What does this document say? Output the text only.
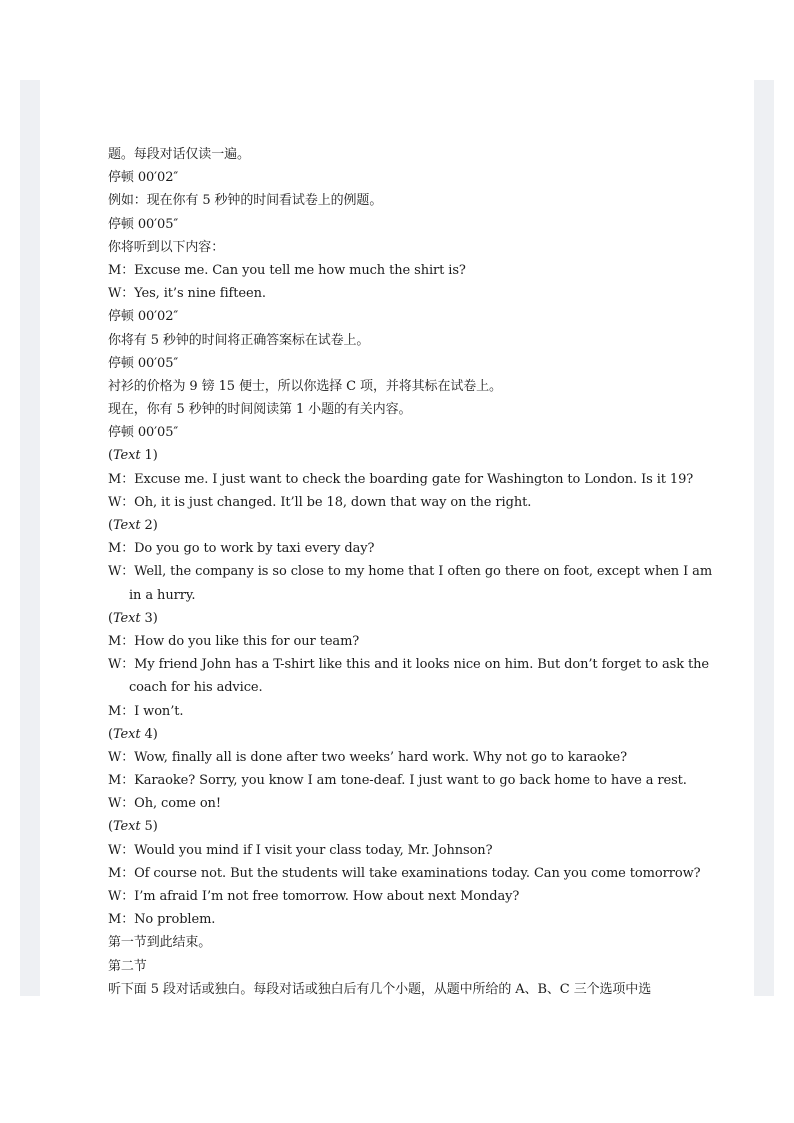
题。每段对话仅读一遍。
停顿 00′02″
例如：现在你有 5 秒钟的时间看试卷上的例题。
停顿 00′05″
你将听到以下内容：
M：Excuse me. Can you tell me how much the shirt is?
W：Yes, it’s nine fifteen.
停顿 00′02″
你将有 5 秒钟的时间将正确答案标在试卷上。
停顿 00′05″
衬衫的价格为 9 镑 15 便士，所以你选择 C 项，并将其标在试卷上。
现在，你有 5 秒钟的时间阅读第 1 小题的有关内容。
停顿 00′05″
(Text 1)
M：Excuse me. I just want to check the boarding gate for Washington to London. Is it 19?
W：Oh, it is just changed. It’ll be 18, down that way on the right.
(Text 2)
M：Do you go to work by taxi every day?
W：Well, the company is so close to my home that I often go there on foot, except when I am
in a hurry.
(Text 3)
M：How do you like this for our team?
W：My friend John has a T-shirt like this and it looks nice on him. But don’t forget to ask the
coach for his advice.
M：I won’t.
(Text 4)
W：Wow, finally all is done after two weeks’ hard work. Why not go to karaoke?
M：Karaoke? Sorry, you know I am tone-deaf. I just want to go back home to have a rest.
W：Oh, come on!
(Text 5)
W：Would you mind if I visit your class today, Mr. Johnson?
M：Of course not. But the students will take examinations today. Can you come tomorrow?
W：I’m afraid I’m not free tomorrow. How about next Monday?
M：No problem.
第一节到此结束。
第二节
听下面 5 段对话或独白。每段对话或独白后有几个小题，从题中所给的 A、B、C 三个选项中选
